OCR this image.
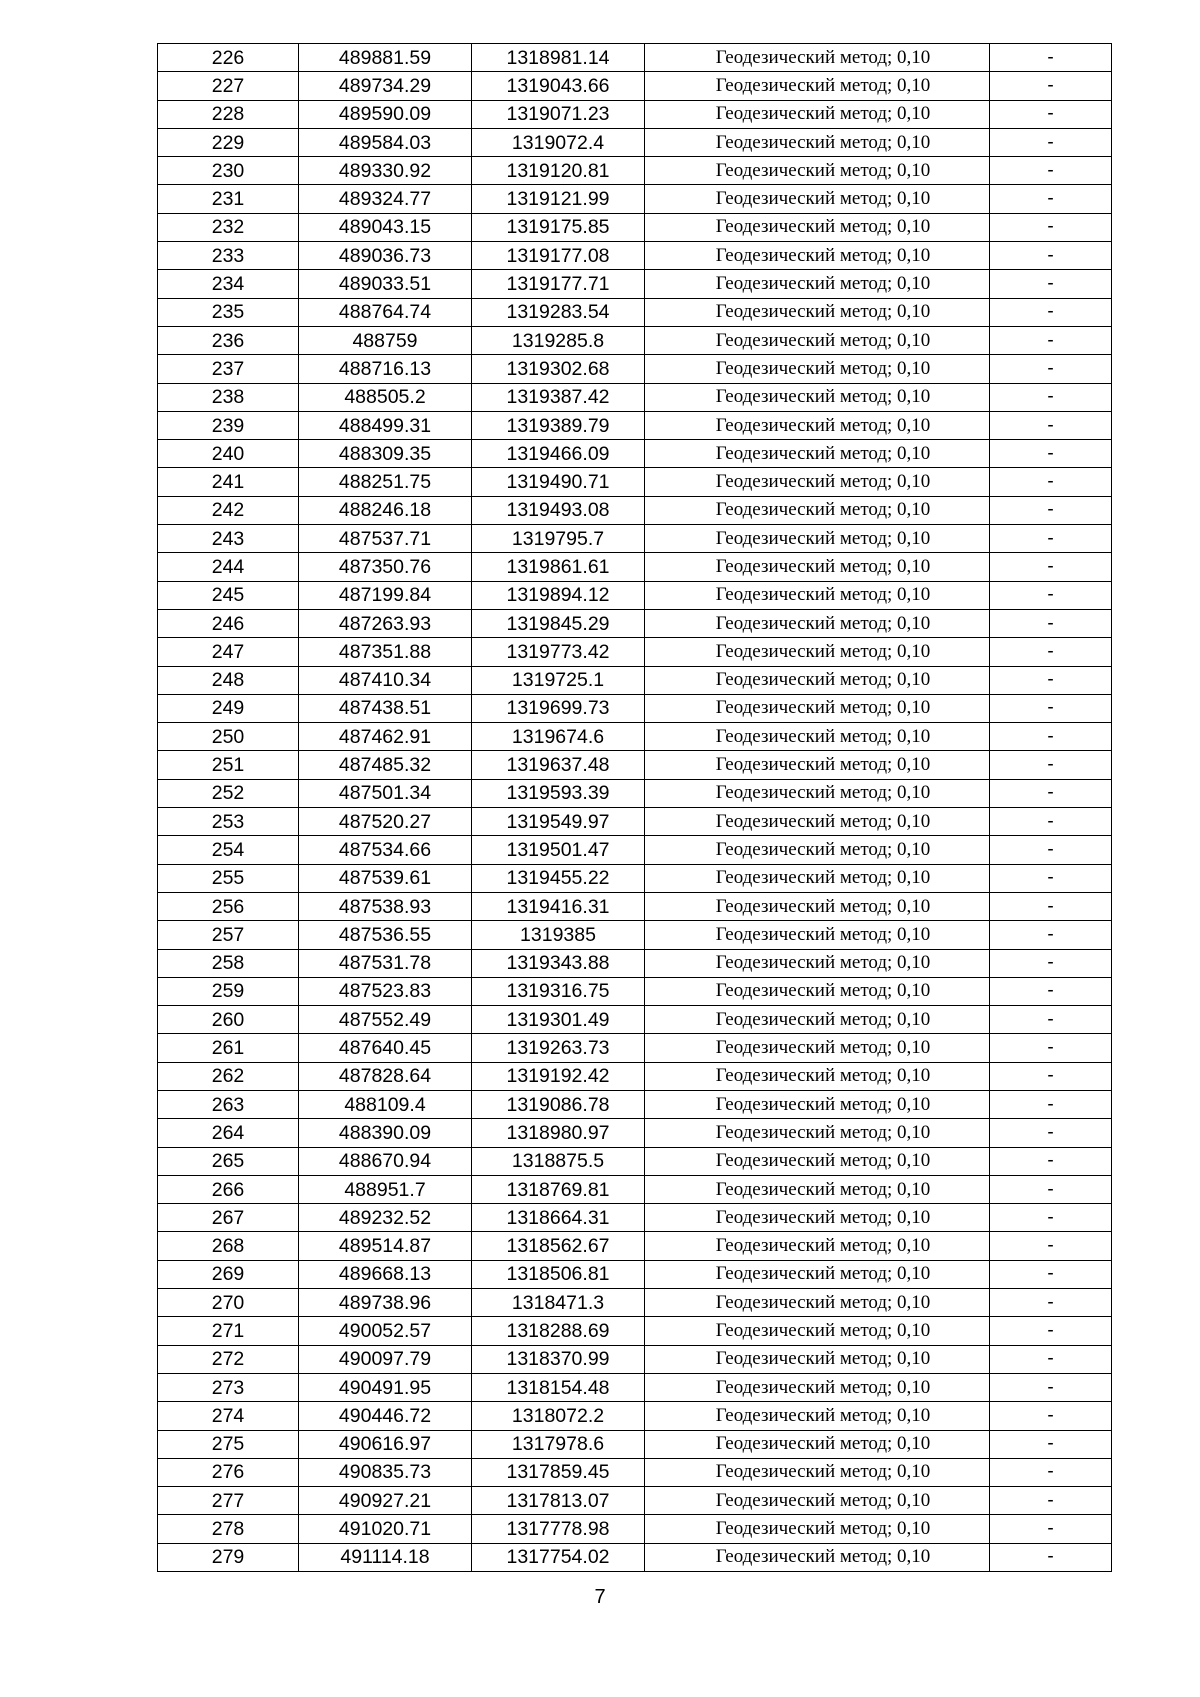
226	489881.59	1318981.14	Геодезический метод; 0,10	-
227	489734.29	1319043.66	Геодезический метод; 0,10	-
228	489590.09	1319071.23	Геодезический метод; 0,10	-
229	489584.03	1319072.4	Геодезический метод; 0,10	-
230	489330.92	1319120.81	Геодезический метод; 0,10	-
231	489324.77	1319121.99	Геодезический метод; 0,10	-
232	489043.15	1319175.85	Геодезический метод; 0,10	-
233	489036.73	1319177.08	Геодезический метод; 0,10	-
234	489033.51	1319177.71	Геодезический метод; 0,10	-
235	488764.74	1319283.54	Геодезический метод; 0,10	-
236	488759	1319285.8	Геодезический метод; 0,10	-
237	488716.13	1319302.68	Геодезический метод; 0,10	-
238	488505.2	1319387.42	Геодезический метод; 0,10	-
239	488499.31	1319389.79	Геодезический метод; 0,10	-
240	488309.35	1319466.09	Геодезический метод; 0,10	-
241	488251.75	1319490.71	Геодезический метод; 0,10	-
242	488246.18	1319493.08	Геодезический метод; 0,10	-
243	487537.71	1319795.7	Геодезический метод; 0,10	-
244	487350.76	1319861.61	Геодезический метод; 0,10	-
245	487199.84	1319894.12	Геодезический метод; 0,10	-
246	487263.93	1319845.29	Геодезический метод; 0,10	-
247	487351.88	1319773.42	Геодезический метод; 0,10	-
248	487410.34	1319725.1	Геодезический метод; 0,10	-
249	487438.51	1319699.73	Геодезический метод; 0,10	-
250	487462.91	1319674.6	Геодезический метод; 0,10	-
251	487485.32	1319637.48	Геодезический метод; 0,10	-
252	487501.34	1319593.39	Геодезический метод; 0,10	-
253	487520.27	1319549.97	Геодезический метод; 0,10	-
254	487534.66	1319501.47	Геодезический метод; 0,10	-
255	487539.61	1319455.22	Геодезический метод; 0,10	-
256	487538.93	1319416.31	Геодезический метод; 0,10	-
257	487536.55	1319385	Геодезический метод; 0,10	-
258	487531.78	1319343.88	Геодезический метод; 0,10	-
259	487523.83	1319316.75	Геодезический метод; 0,10	-
260	487552.49	1319301.49	Геодезический метод; 0,10	-
261	487640.45	1319263.73	Геодезический метод; 0,10	-
262	487828.64	1319192.42	Геодезический метод; 0,10	-
263	488109.4	1319086.78	Геодезический метод; 0,10	-
264	488390.09	1318980.97	Геодезический метод; 0,10	-
265	488670.94	1318875.5	Геодезический метод; 0,10	-
266	488951.7	1318769.81	Геодезический метод; 0,10	-
267	489232.52	1318664.31	Геодезический метод; 0,10	-
268	489514.87	1318562.67	Геодезический метод; 0,10	-
269	489668.13	1318506.81	Геодезический метод; 0,10	-
270	489738.96	1318471.3	Геодезический метод; 0,10	-
271	490052.57	1318288.69	Геодезический метод; 0,10	-
272	490097.79	1318370.99	Геодезический метод; 0,10	-
273	490491.95	1318154.48	Геодезический метод; 0,10	-
274	490446.72	1318072.2	Геодезический метод; 0,10	-
275	490616.97	1317978.6	Геодезический метод; 0,10	-
276	490835.73	1317859.45	Геодезический метод; 0,10	-
277	490927.21	1317813.07	Геодезический метод; 0,10	-
278	491020.71	1317778.98	Геодезический метод; 0,10	-
279	491114.18	1317754.02	Геодезический метод; 0,10	-
7
